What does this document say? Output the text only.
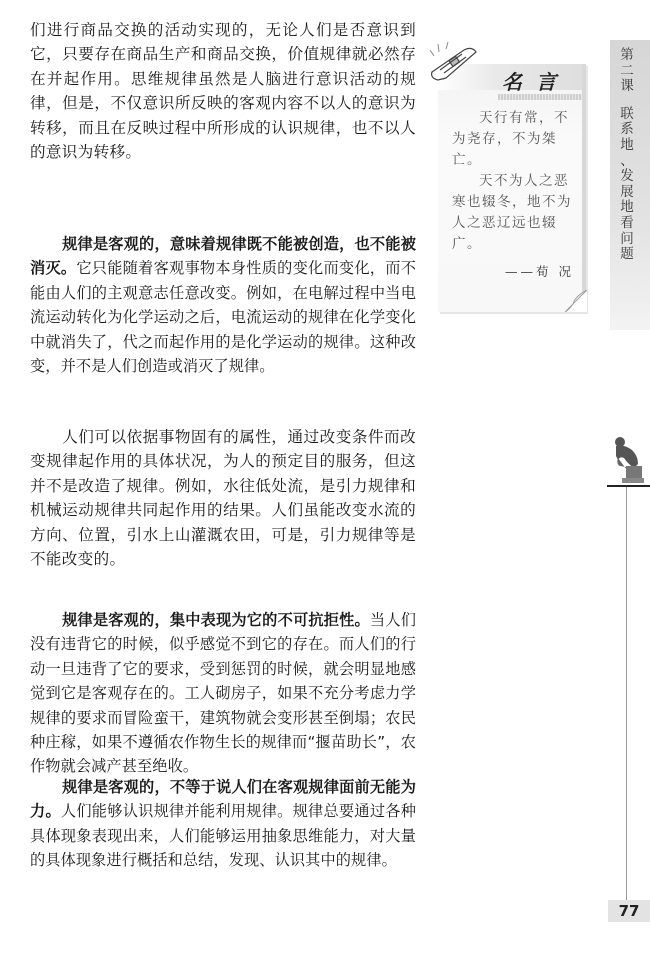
们进行商品交换的活动实现的，无论人们是否意识到它，只要存在商品生产和商品交换，价值规律就必然存在并起作用。思维规律虽然是人脑进行意识活动的规律，但是，不仅意识所反映的客观内容不以人的意识为转移，而且在反映过程中所形成的认识规律，也不以人的意识为转移。

规律是客观的，意味着规律既不能被创造，也不能被消灭。它只能随着客观事物本身性质的变化而变化，而不能由人们的主观意志任意改变。例如，在电解过程中当电流运动转化为化学运动之后，电流运动的规律在化学变化中就消失了，代之而起作用的是化学运动的规律。这种改变，并不是人们创造或消灭了规律。

人们可以依据事物固有的属性，通过改变条件而改变规律起作用的具体状况，为人的预定目的服务，但这并不是改造了规律。例如，水往低处流，是引力规律和机械运动规律共同起作用的结果。人们虽能改变水流的方向、位置，引水上山灌溉农田，可是，引力规律等是不能改变的。

规律是客观的，集中表现为它的不可抗拒性。当人们没有违背它的时候，似乎感觉不到它的存在。而人们的行动一旦违背了它的要求，受到惩罚的时候，就会明显地感觉到它是客观存在的。工人砌房子，如果不充分考虑力学规律的要求而冒险蛮干，建筑物就会变形甚至倒塌；农民种庄稼，如果不遵循农作物生长的规律而“揠苗助长”，农作物就会减产甚至绝收。

规律是客观的，不等于说人们在客观规律面前无能为力。人们能够认识规律并能利用规律。规律总要通过各种具体现象表现出来，人们能够运用抽象思维能力，对大量的具体现象进行概括和总结，发现、认识其中的规律。

名言

天行有常，不为尧存，不为桀亡。

天不为人之恶寒也辍冬，地不为人之恶辽远也辍广。

——荀 况
第
二
课
联
系
地
、
发
展
地
看
问
题
77
